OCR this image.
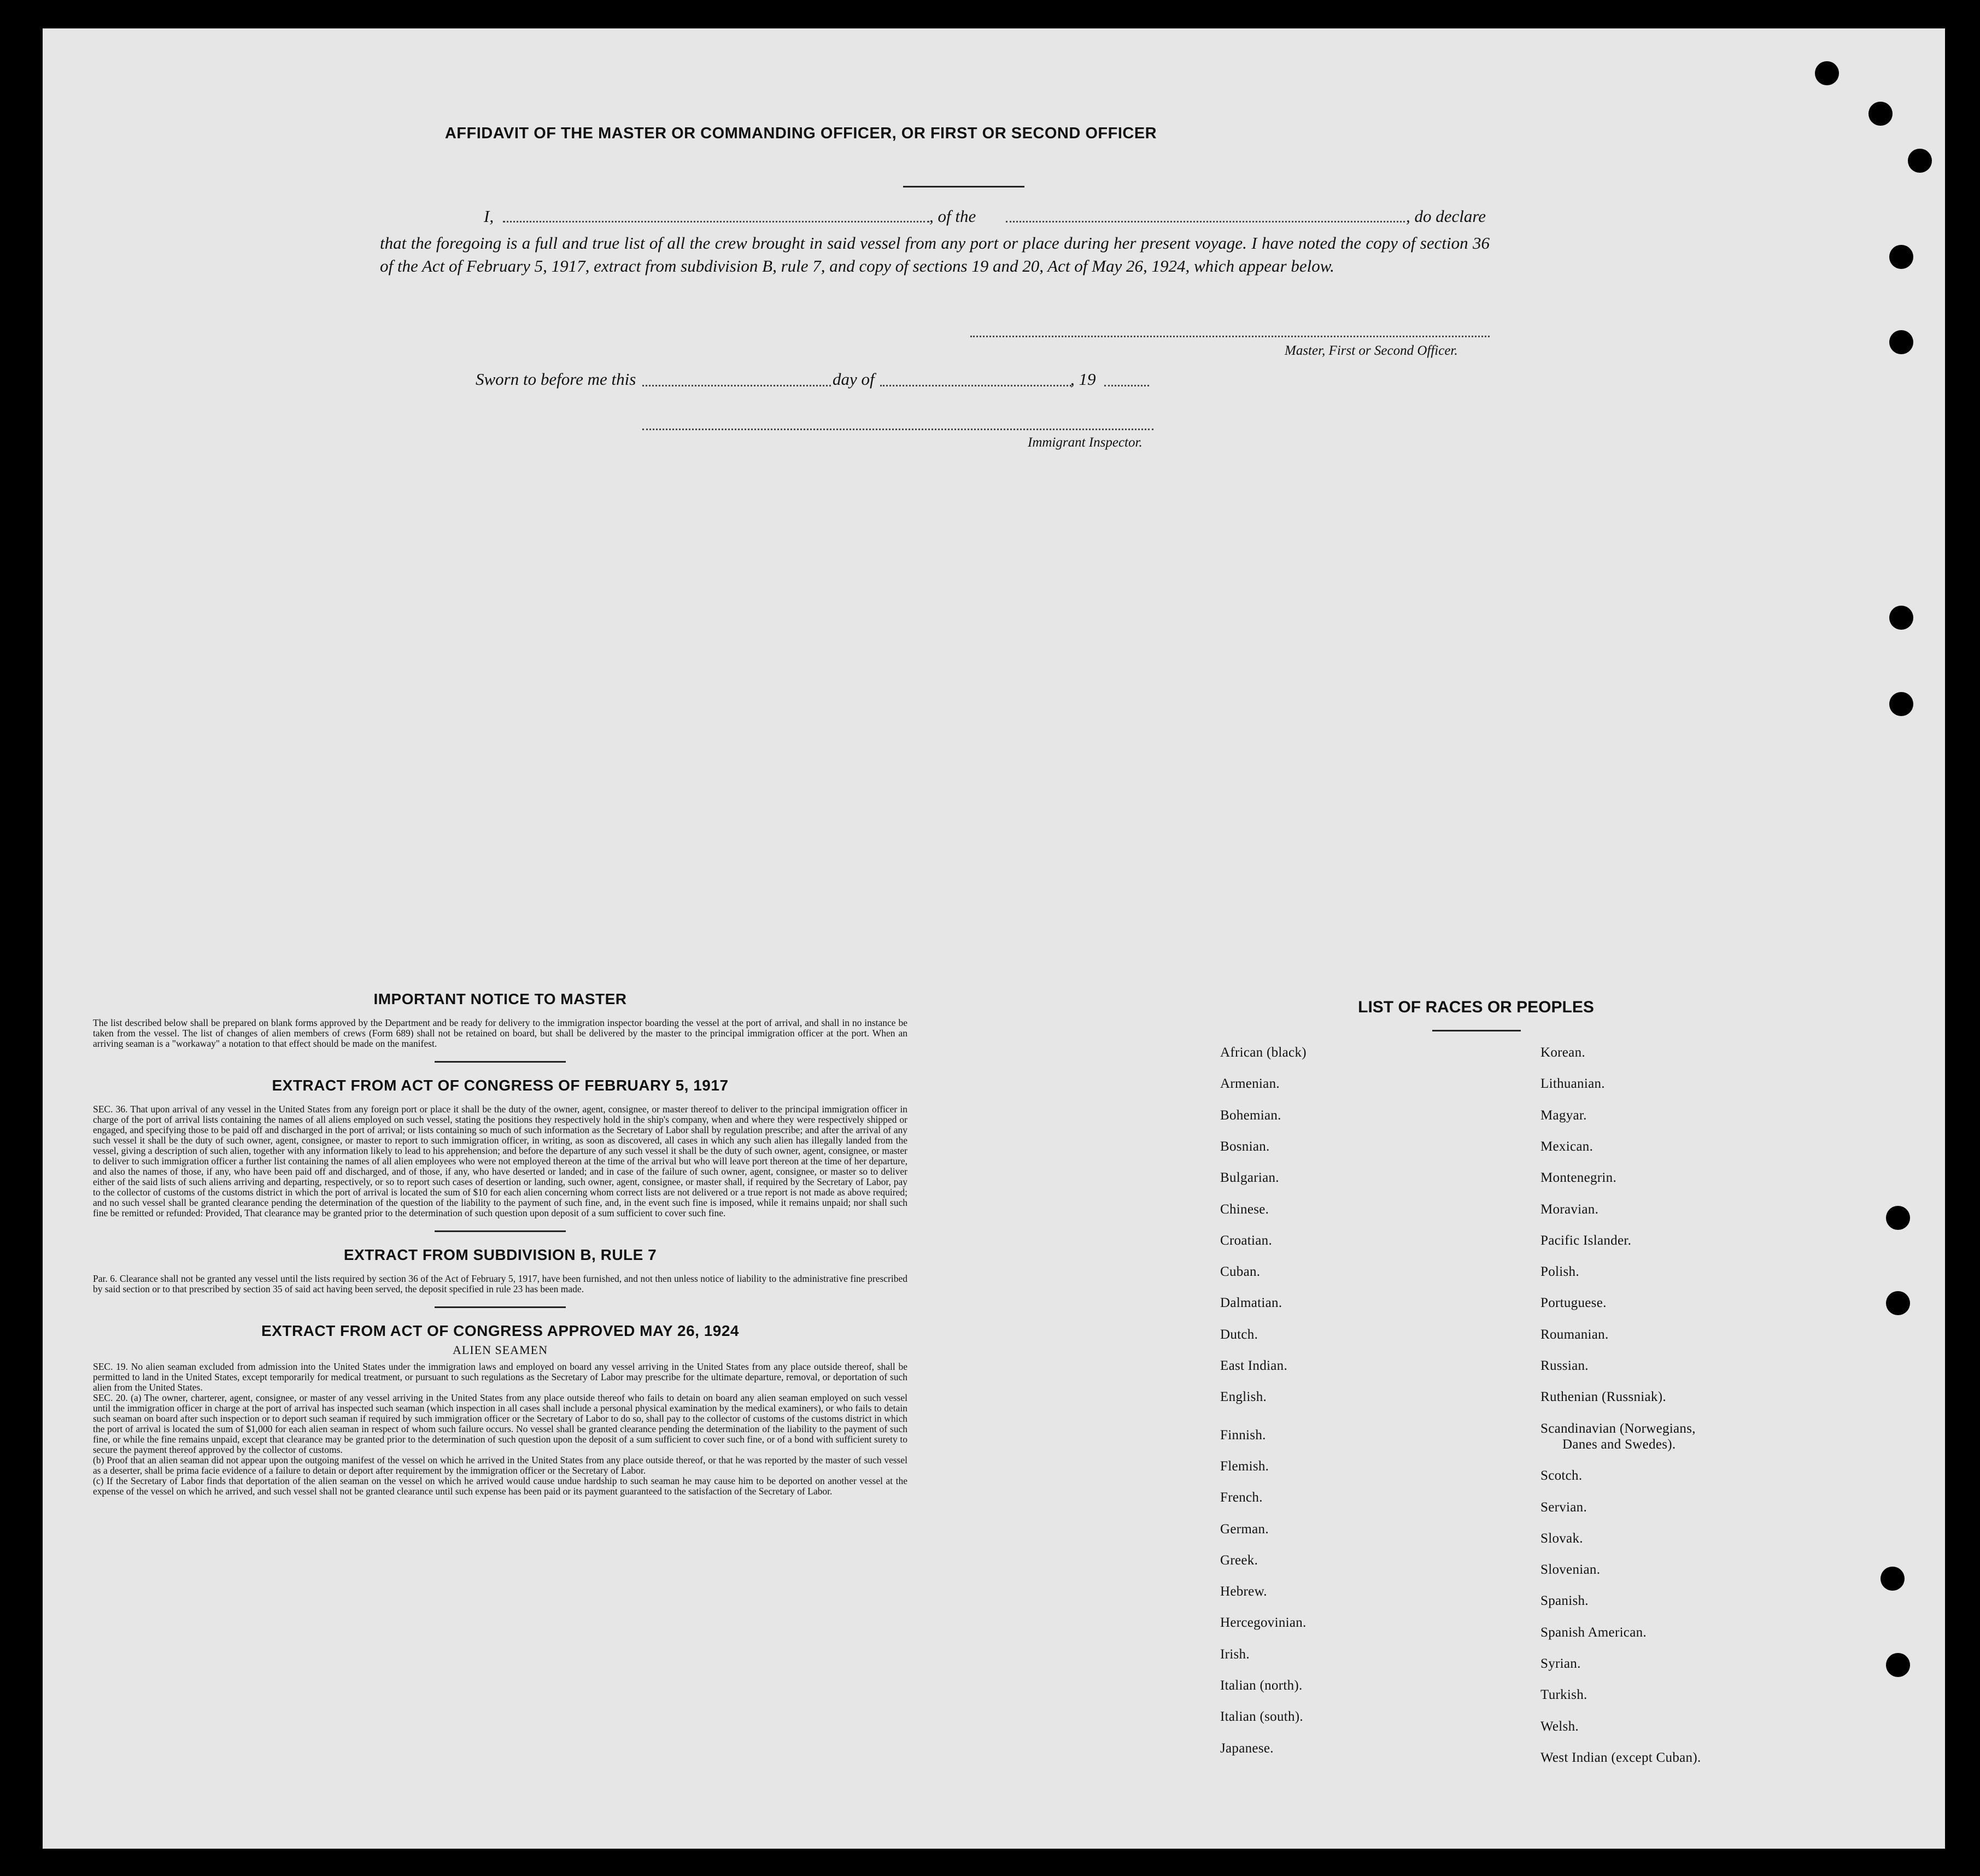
AFFIDAVIT OF THE MASTER OR COMMANDING OFFICER, OR FIRST OR SECOND OFFICER
I,	, of the	, do declare
that the foregoing is a full and true list of all the crew brought in said vessel from any port or place during her present voyage. I have noted the copy of section 36 of the Act of February 5, 1917, extract from subdivision B, rule 7, and copy of sections 19 and 20, Act of May 26, 1924, which appear below.
Master, First or Second Officer.
Sworn to before me this	day of	, 19
Immigrant Inspector.
IMPORTANT NOTICE TO MASTER

The list described below shall be prepared on blank forms approved by the Department and be ready for delivery to the immigration inspector boarding the vessel at the port of arrival, and shall in no instance be taken from the vessel. The list of changes of alien members of crews (Form 689) shall not be retained on board, but shall be delivered by the master to the principal immigration officer at the port. When an arriving seaman is a "workaway" a notation to that effect should be made on the manifest.

EXTRACT FROM ACT OF CONGRESS OF FEBRUARY 5, 1917

SEC. 36. That upon arrival of any vessel in the United States from any foreign port or place it shall be the duty of the owner, agent, consignee, or master thereof to deliver to the principal immigration officer in charge of the port of arrival lists containing the names of all aliens employed on such vessel, stating the positions they respectively hold in the ship's company, when and where they were respectively shipped or engaged, and specifying those to be paid off and discharged in the port of arrival; or lists containing so much of such information as the Secretary of Labor shall by regulation prescribe; and after the arrival of any such vessel it shall be the duty of such owner, agent, consignee, or master to report to such immigration officer, in writing, as soon as discovered, all cases in which any such alien has illegally landed from the vessel, giving a description of such alien, together with any information likely to lead to his apprehension; and before the departure of any such vessel it shall be the duty of such owner, agent, consignee, or master to deliver to such immigration officer a further list containing the names of all alien employees who were not employed thereon at the time of the arrival but who will leave port thereon at the time of her departure, and also the names of those, if any, who have been paid off and discharged, and of those, if any, who have deserted or landed; and in case of the failure of such owner, agent, consignee, or master so to deliver either of the said lists of such aliens arriving and departing, respectively, or so to report such cases of desertion or landing, such owner, agent, consignee, or master shall, if required by the Secretary of Labor, pay to the collector of customs of the customs district in which the port of arrival is located the sum of $10 for each alien concerning whom correct lists are not delivered or a true report is not made as above required; and no such vessel shall be granted clearance pending the determination of the question of the liability to the payment of such fine, and, in the event such fine is imposed, while it remains unpaid; nor shall such fine be remitted or refunded: Provided, That clearance may be granted prior to the determination of such question upon deposit of a sum sufficient to cover such fine.

EXTRACT FROM SUBDIVISION B, RULE 7

Par. 6. Clearance shall not be granted any vessel until the lists required by section 36 of the Act of February 5, 1917, have been furnished, and not then unless notice of liability to the administrative fine prescribed by said section or to that prescribed by section 35 of said act having been served, the deposit specified in rule 23 has been made.

EXTRACT FROM ACT OF CONGRESS APPROVED MAY 26, 1924
ALIEN SEAMEN

SEC. 19. No alien seaman excluded from admission into the United States under the immigration laws and employed on board any vessel arriving in the United States from any place outside thereof, shall be permitted to land in the United States, except temporarily for medical treatment, or pursuant to such regulations as the Secretary of Labor may prescribe for the ultimate departure, removal, or deportation of such alien from the United States.

SEC. 20. (a) The owner, charterer, agent, consignee, or master of any vessel arriving in the United States from any place outside thereof who fails to detain on board any alien seaman employed on such vessel until the immigration officer in charge at the port of arrival has inspected such seaman (which inspection in all cases shall include a personal physical examination by the medical examiners), or who fails to detain such seaman on board after such inspection or to deport such seaman if required by such immigration officer or the Secretary of Labor to do so, shall pay to the collector of customs of the customs district in which the port of arrival is located the sum of $1,000 for each alien seaman in respect of whom such failure occurs. No vessel shall be granted clearance pending the determination of the liability to the payment of such fine, or while the fine remains unpaid, except that clearance may be granted prior to the determination of such question upon the deposit of a sum sufficient to cover such fine, or of a bond with sufficient surety to secure the payment thereof approved by the collector of customs.

(b) Proof that an alien seaman did not appear upon the outgoing manifest of the vessel on which he arrived in the United States from any place outside thereof, or that he was reported by the master of such vessel as a deserter, shall be prima facie evidence of a failure to detain or deport after requirement by the immigration officer or the Secretary of Labor.

(c) If the Secretary of Labor finds that deportation of the alien seaman on the vessel on which he arrived would cause undue hardship to such seaman he may cause him to be deported on another vessel at the expense of the vessel on which he arrived, and such vessel shall not be granted clearance until such expense has been paid or its payment guaranteed to the satisfaction of the Secretary of Labor.

LIST OF RACES OR PEOPLES
African (black)
Armenian.
Bohemian.
Bosnian.
Bulgarian.
Chinese.
Croatian.
Cuban.
Dalmatian.
Dutch.
East Indian.
English.
Finnish.
Flemish.
French.
German.
Greek.
Hebrew.
Hercegovinian.
Irish.
Italian (north).
Italian (south).
Japanese.
Korean.
Lithuanian.
Magyar.
Mexican.
Montenegrin.
Moravian.
Pacific Islander.
Polish.
Portuguese.
Roumanian.
Russian.
Ruthenian (Russniak).
Scandinavian (Norwegians,
Danes and Swedes).
Scotch.
Servian.
Slovak.
Slovenian.
Spanish.
Spanish American.
Syrian.
Turkish.
Welsh.
West Indian (except Cuban).
